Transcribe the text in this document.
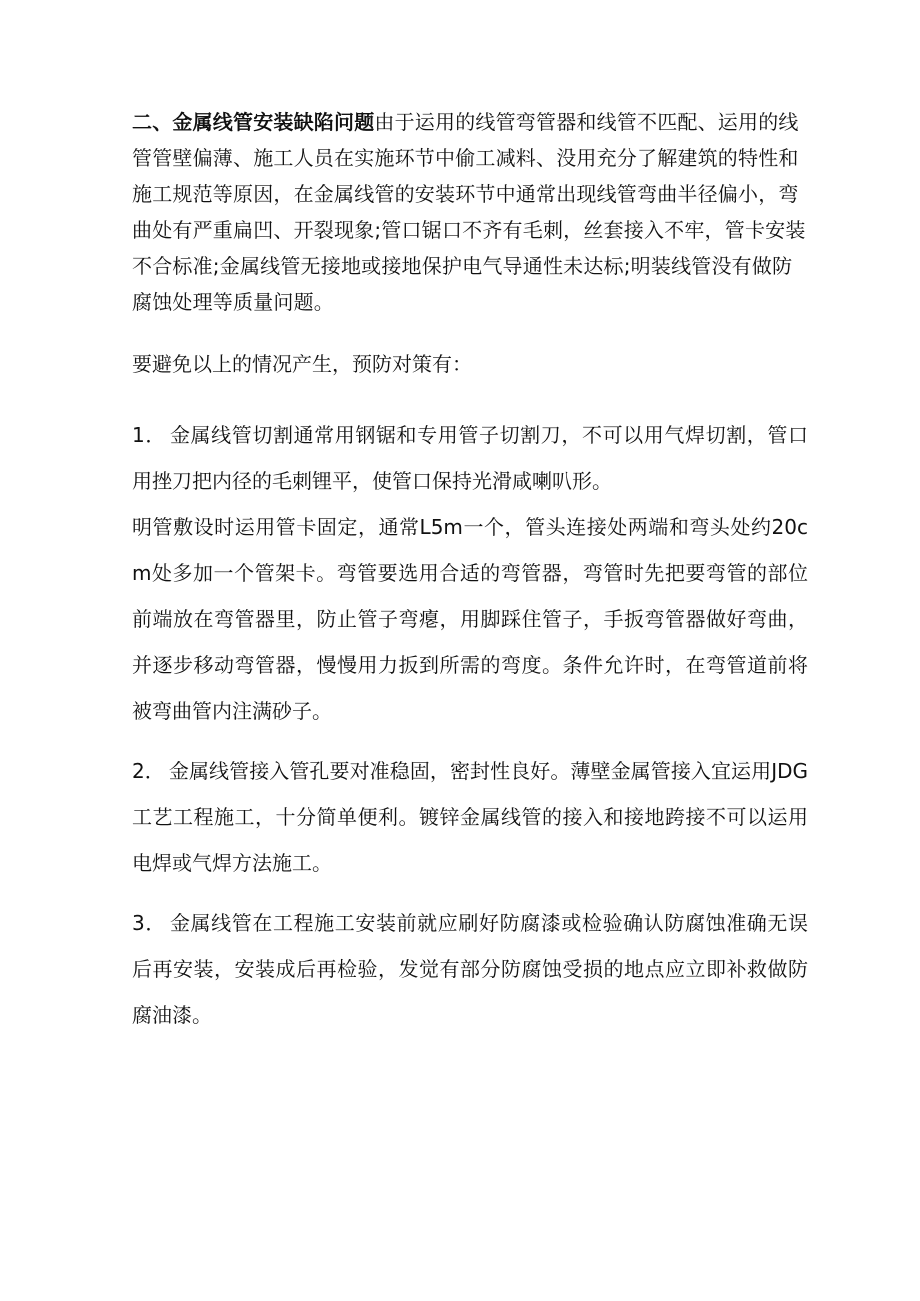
二、金属线管安装缺陷问题由于运用的线管弯管器和线管不匹配、运用的线管管壁偏薄、施工人员在实施环节中偷工减料、没用充分了解建筑的特性和施工规范等原因，在金属线管的安装环节中通常出现线管弯曲半径偏小，弯曲处有严重扁凹、开裂现象;管口锯口不齐有毛刺，丝套接入不牢，管卡安装不合标准;金属线管无接地或接地保护电气导通性未达标;明装线管没有做防腐蚀处理等质量问题。

要避免以上的情况产生，预防对策有：

1． 金属线管切割通常用钢锯和专用管子切割刀，不可以用气焊切割，管口用挫刀把内径的毛刺锂平，使管口保持光滑咸喇叭形。

明管敷设时运用管卡固定，通常L5m一个，管头连接处两端和弯头处约20cm处多加一个管架卡。弯管要选用合适的弯管器，弯管时先把要弯管的部位前端放在弯管器里，防止管子弯瘪，用脚踩住管子，手扳弯管器做好弯曲，并逐步移动弯管器，慢慢用力扳到所需的弯度。条件允许时，在弯管道前将被弯曲管内注满砂子。

2． 金属线管接入管孔要对准稳固，密封性良好。薄壁金属管接入宜运用JDG工艺工程施工，十分简单便利。镀锌金属线管的接入和接地跨接不可以运用电焊或气焊方法施工。

3． 金属线管在工程施工安装前就应刷好防腐漆或检验确认防腐蚀准确无误后再安装，安装成后再检验，发觉有部分防腐蚀受损的地点应立即补救做防腐油漆。
